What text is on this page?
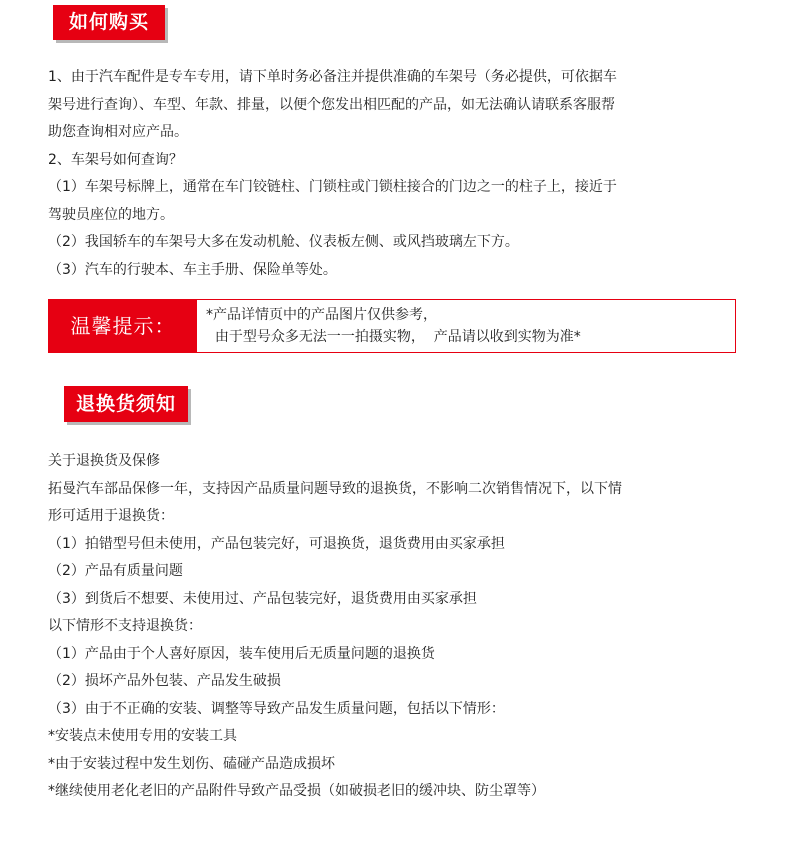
如何购买
1、由于汽车配件是专车专用，请下单时务必备注并提供准确的车架号（务必提供，可依据车
架号进行查询）、车型、年款、排量，以便个您发出相匹配的产品，如无法确认请联系客服帮
助您查询相对应产品。
2、车架号如何查询？
（1）车架号标牌上，通常在车门铰链柱、门锁柱或门锁柱接合的门边之一的柱子上，接近于
驾驶员座位的地方。
（2）我国轿车的车架号大多在发动机舱、仪表板左侧、或风挡玻璃左下方。
（3）汽车的行驶本、车主手册、保险单等处。
温馨提示：	*产品详情页中的产品图片仅供参考，
由于型号众多无法一一拍摄实物，  产品请以收到实物为准*
退换货须知
关于退换货及保修
拓曼汽车部品保修一年，支持因产品质量问题导致的退换货，不影响二次销售情况下，以下情
形可适用于退换货：
（1）拍错型号但未使用，产品包装完好，可退换货，退货费用由买家承担
（2）产品有质量问题
（3）到货后不想要、未使用过、产品包装完好，退货费用由买家承担
以下情形不支持退换货：
（1）产品由于个人喜好原因，装车使用后无质量问题的退换货
（2）损坏产品外包装、产品发生破损
（3）由于不正确的安装、调整等导致产品发生质量问题，包括以下情形：
*安装点未使用专用的安装工具
*由于安装过程中发生划伤、磕碰产品造成损坏
*继续使用老化老旧的产品附件导致产品受损（如破损老旧的缓冲块、防尘罩等）
